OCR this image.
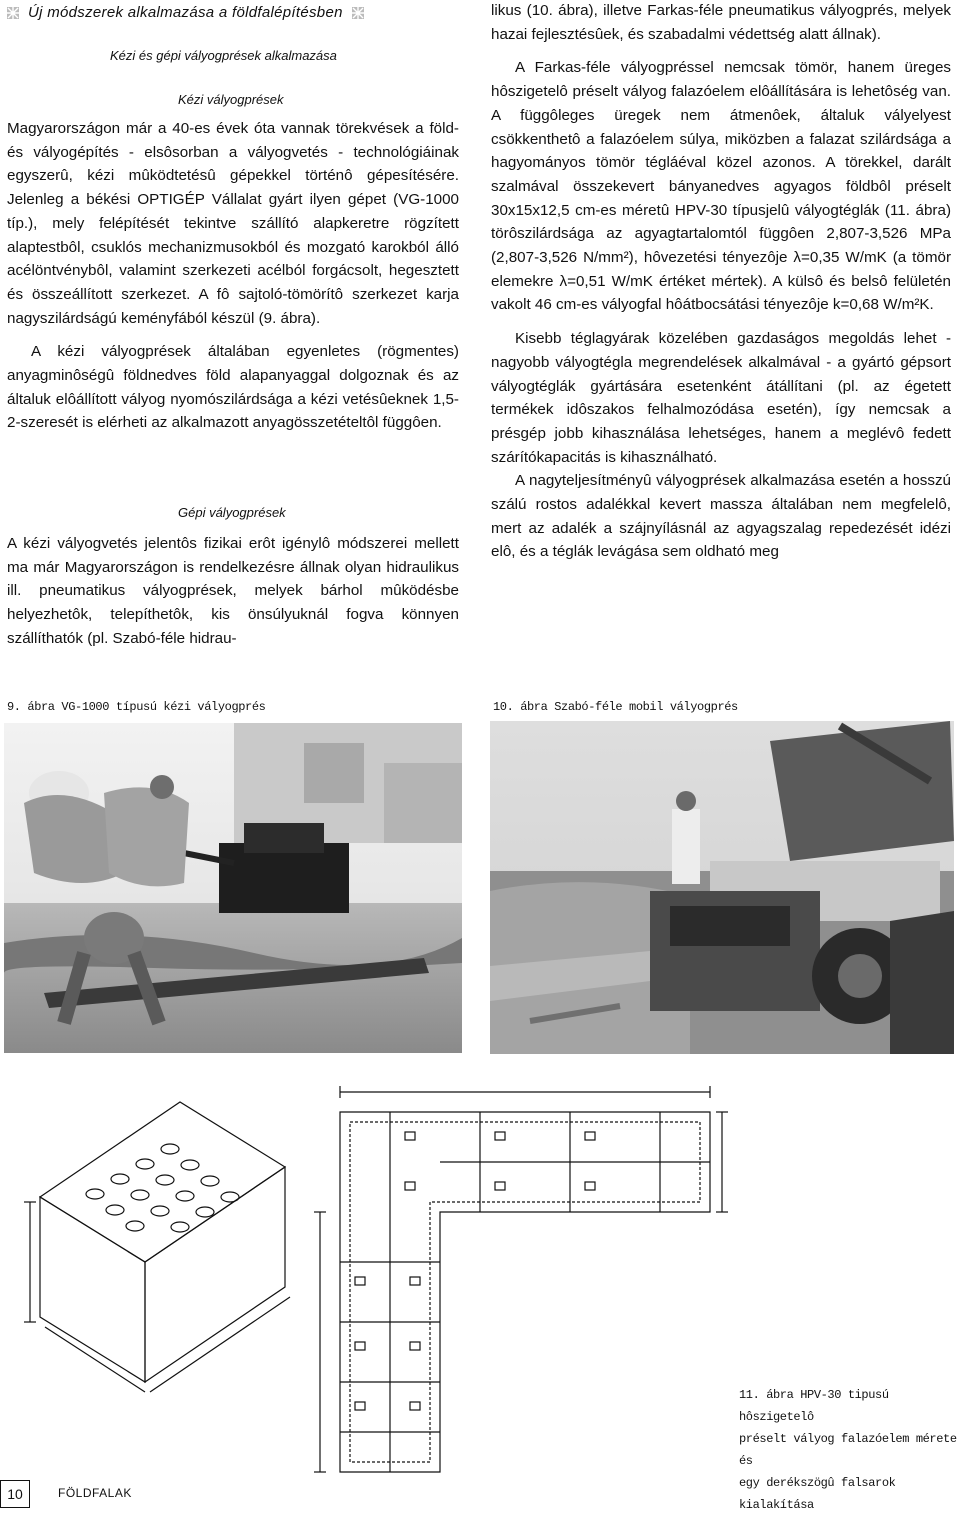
Új módszerek alkalmazása a földfalépítésben
Kézi és gépi vályogprések alkalmazása
Kézi vályogprések

Magyarországon már a 40-es évek óta vannak törekvések a föld- és vályogépítés - elsôsorban a vályogvetés - technológiáinak egyszerû, kézi mûködtetésû gépekkel történô gépesítésére. Jelenleg a békési OPTIGÉP Vállalat gyárt ilyen gépet (VG-1000 típ.), mely felépítését tekintve szállító alapkeretre rögzített alaptestbôl, csuklós mechanizmusokból és mozgató karokból álló acélöntvénybôl, valamint szerkezeti acélból forgácsolt, hegesztett és összeállított szerkezet. A fô sajtoló-tömörítô szerkezet karja nagyszilárdságú keményfából készül (9. ábra).

A kézi vályogprések általában egyenletes (rögmentes) anyagminôségû földnedves föld alapanyaggal dolgoznak és az általuk elôállított vályog nyomószilárdsága a kézi vetésûeknek 1,5-2-szeresét is elérheti az alkalmazott anyagösszetételtôl függôen.

Gépi vályogprések

A kézi vályogvetés jelentôs fizikai erôt igénylô módszerei mellett ma már Magyarországon is rendelkezésre állnak olyan hidraulikus ill. pneumatikus vályogprések, melyek bárhol mûködésbe helyezhetôk, telepíthetôk, kis önsúlyuknál fogva könnyen szállíthatók (pl. Szabó-féle hidrau-

likus (10. ábra), illetve Farkas-féle pneumatikus vályogprés, melyek hazai fejlesztésûek, és szabadalmi védettség alatt állnak).

A Farkas-féle vályogpréssel nemcsak tömör, hanem üreges hôszigetelô préselt vályog falazóelem elôállítására is lehetôség van. A függôleges üregek nem átmenôek, általuk vályelyest csökkenthetô a falazóelem súlya, miközben a falazat szilárdsága a hagyományos tömör tégláéval közel azonos. A törekkel, darált szalmával összekevert bányanedves agyagos földbôl préselt 30x15x12,5 cm-es méretû HPV-30 típusjelû vályogtéglák (11. ábra) törôszilárdsága az agyagtartalomtól függôen 2,807-3,526 MPa (2,807-3,526 N/mm²), hôvezetési tényezôje λ=0,35 W/mK (a tömör elemekre λ=0,51 W/mK értéket mértek). A külsô és belsô felületén vakolt 46 cm-es vályogfal hôátbocsátási tényezôje k=0,68 W/m²K.

Kisebb téglagyárak közelében gazdaságos megoldás lehet - nagyobb vályogtégla megrendelések alkalmával - a gyártó gépsort vályogtéglák gyártására esetenként átállítani (pl. az égetett termékek idôszakos felhalmozódása esetén), így nemcsak a présgép jobb kihasználása lehetséges, hanem a meglévô fedett szárítókapacitás is kihasználható.

A nagyteljesítményû vályogprések alkalmazása esetén a hosszú szálú rostos adalékkal kevert massza általában nem megfelelô, mert az adalék a szájnyílásnál az agyagszalag repedezését idézi elô, és a téglák levágása sem oldható meg

9. ábra VG-1000 típusú kézi vályogprés	10. ábra Szabó-féle mobil vályogprés
11. ábra HPV-30 tipusú hôszigetelô
préselt vályog falazóelem mérete és
egy derékszögû falsarok kialakítása
10	FÖLDFALAK
